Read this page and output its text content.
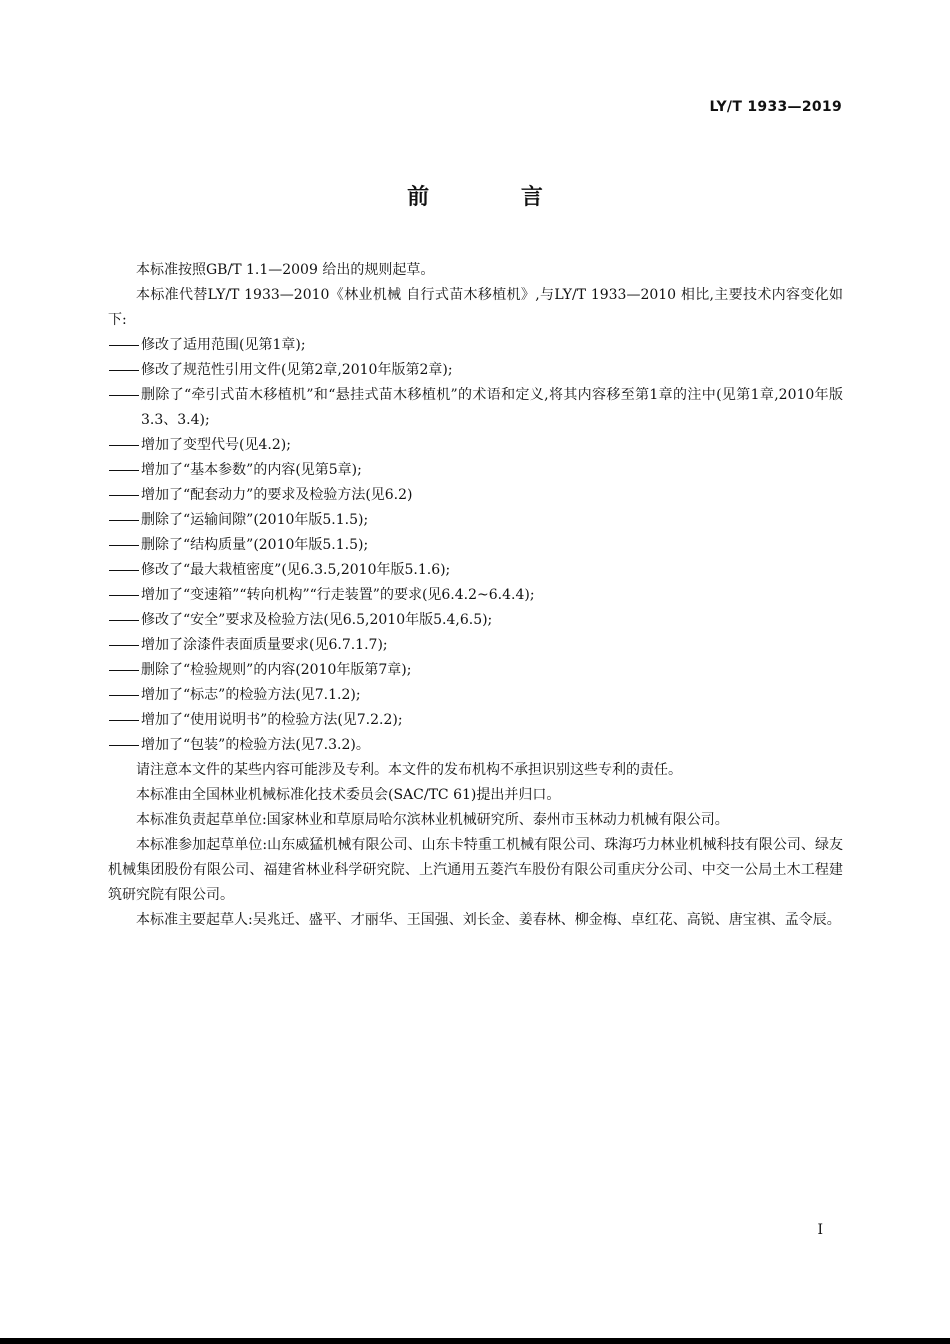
LY/T 1933—2019

前 言

本标准按照GB/T 1.1—2009 给出的规则起草。

本标准代替LY/T 1933—2010《林业机械 自行式苗木移植机》,与LY/T 1933—2010 相比,主要技术内容变化如下:

修改了适用范围(见第1章);
修改了规范性引用文件(见第2章,2010年版第2章);
删除了“牵引式苗木移植机”和“悬挂式苗木移植机”的术语和定义,将其内容移至第1章的注中(见第1章,2010年版3.3、3.4);
增加了变型代号(见4.2);
增加了“基本参数”的内容(见第5章);
增加了“配套动力”的要求及检验方法(见6.2)
删除了“运输间隙”(2010年版5.1.5);
删除了“结构质量”(2010年版5.1.5);
修改了“最大栽植密度”(见6.3.5,2010年版5.1.6);
增加了“变速箱”“转向机构”“行走装置”的要求(见6.4.2~6.4.4);
修改了“安全”要求及检验方法(见6.5,2010年版5.4,6.5);
增加了涂漆件表面质量要求(见6.7.1.7);
删除了“检验规则”的内容(2010年版第7章);
增加了“标志”的检验方法(见7.1.2);
增加了“使用说明书”的检验方法(见7.2.2);
增加了“包装”的检验方法(见7.3.2)。

请注意本文件的某些内容可能涉及专利。本文件的发布机构不承担识别这些专利的责任。

本标准由全国林业机械标准化技术委员会(SAC/TC 61)提出并归口。

本标准负责起草单位:国家林业和草原局哈尔滨林业机械研究所、泰州市玉林动力机械有限公司。

本标准参加起草单位:山东威猛机械有限公司、山东卡特重工机械有限公司、珠海巧力林业机械科技有限公司、绿友机械集团股份有限公司、福建省林业科学研究院、上汽通用五菱汽车股份有限公司重庆分公司、中交一公局土木工程建筑研究院有限公司。

本标准主要起草人:吴兆迁、盛平、才丽华、王国强、刘长金、姜春林、柳金梅、卓红花、高锐、唐宝祺、孟令辰。

I
